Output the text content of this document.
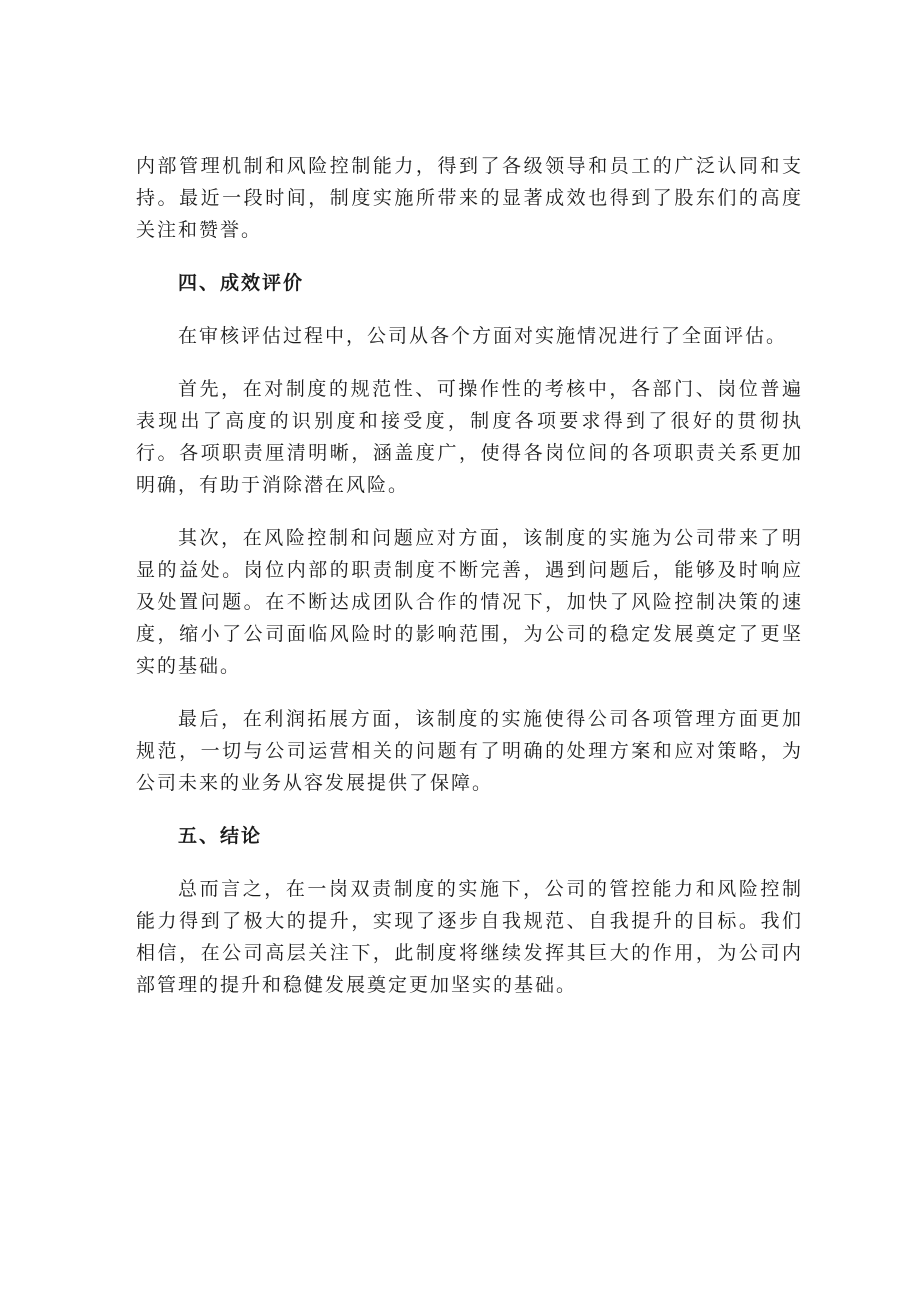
内部管理机制和风险控制能力，得到了各级领导和员工的广泛认同和支持。最近一段时间，制度实施所带来的显著成效也得到了股东们的高度关注和赞誉。

四、成效评价

在审核评估过程中，公司从各个方面对实施情况进行了全面评估。

首先，在对制度的规范性、可操作性的考核中，各部门、岗位普遍表现出了高度的识别度和接受度，制度各项要求得到了很好的贯彻执行。各项职责厘清明晰，涵盖度广，使得各岗位间的各项职责关系更加明确，有助于消除潜在风险。

其次，在风险控制和问题应对方面，该制度的实施为公司带来了明显的益处。岗位内部的职责制度不断完善，遇到问题后，能够及时响应及处置问题。在不断达成团队合作的情况下，加快了风险控制决策的速度，缩小了公司面临风险时的影响范围，为公司的稳定发展奠定了更坚实的基础。

最后，在利润拓展方面，该制度的实施使得公司各项管理方面更加规范，一切与公司运营相关的问题有了明确的处理方案和应对策略，为公司未来的业务从容发展提供了保障。

五、结论

总而言之，在一岗双责制度的实施下，公司的管控能力和风险控制能力得到了极大的提升，实现了逐步自我规范、自我提升的目标。我们相信，在公司高层关注下，此制度将继续发挥其巨大的作用，为公司内部管理的提升和稳健发展奠定更加坚实的基础。
